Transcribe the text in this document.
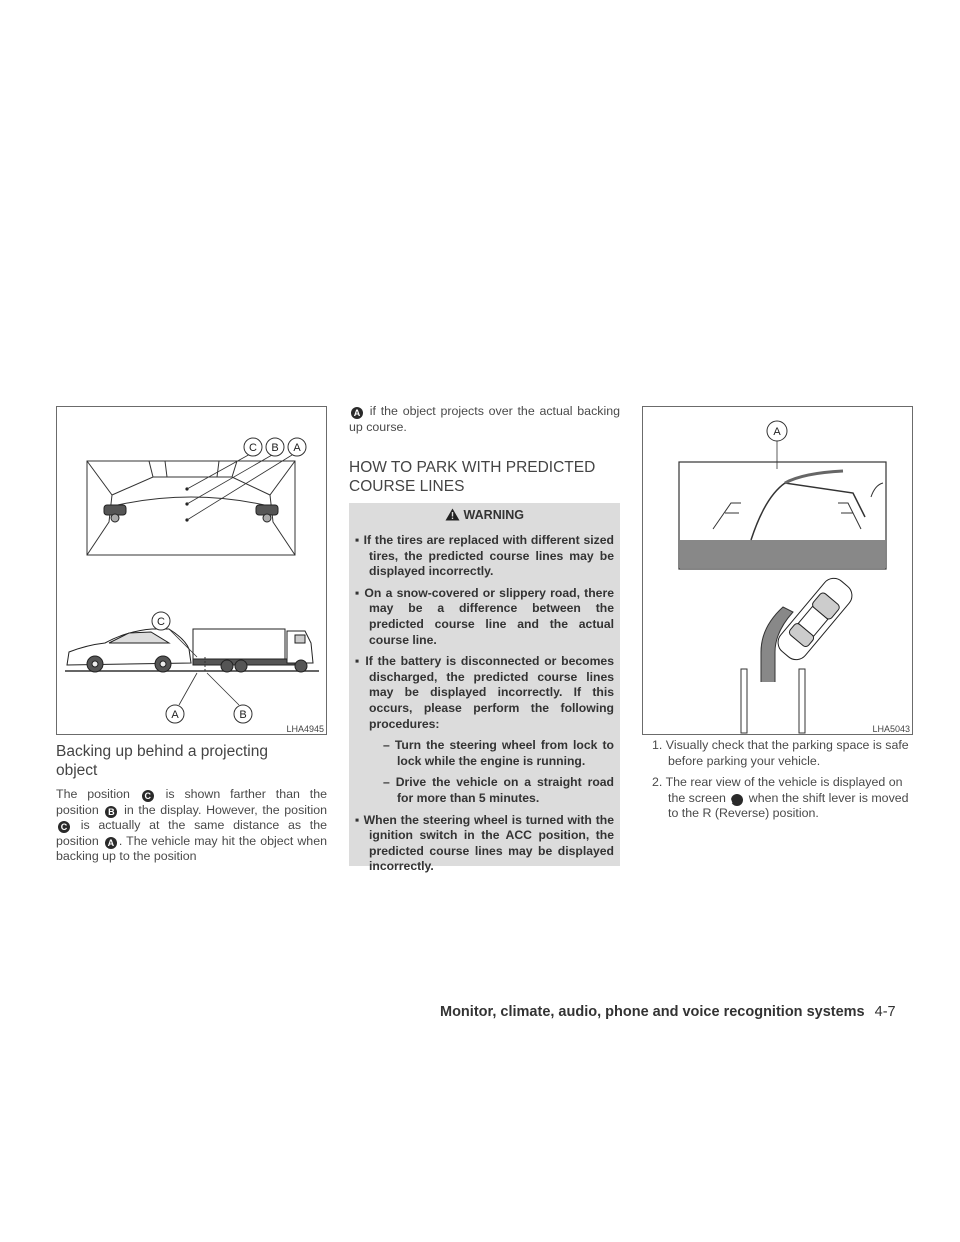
C B A
C
A	B
LHA4945
Backing up behind a projecting
object
The position C is shown farther than the position B in the display. However, the position C is actually at the same distance as the position A . The vehicle may hit the object when backing up to the position
A if the object projects over the actual backing up course.
HOW TO PARK WITH PREDICTED
COURSE LINES
WARNING
▪ If the tires are replaced with different sized tires, the predicted course lines may be displayed incorrectly.
▪ On a snow-covered or slippery road, there may be a difference between the predicted course line and the actual course line.
▪ If the battery is disconnected or becomes discharged, the predicted course lines may be displayed incorrectly. If this occurs, please perform the following procedures:
– Turn the steering wheel from lock to lock while the engine is running.
– Drive the vehicle on a straight road for more than 5 minutes.
▪ When the steering wheel is turned with the ignition switch in the ACC position, the predicted course lines may be displayed incorrectly.
A
LHA5043
1. Visually check that the parking space is safe before parking your vehicle.
2. The rear view of the vehicle is displayed on the screen A when the shift lever is moved to the R (Reverse) position.
Monitor, climate, audio, phone and voice recognition systems 4-7
